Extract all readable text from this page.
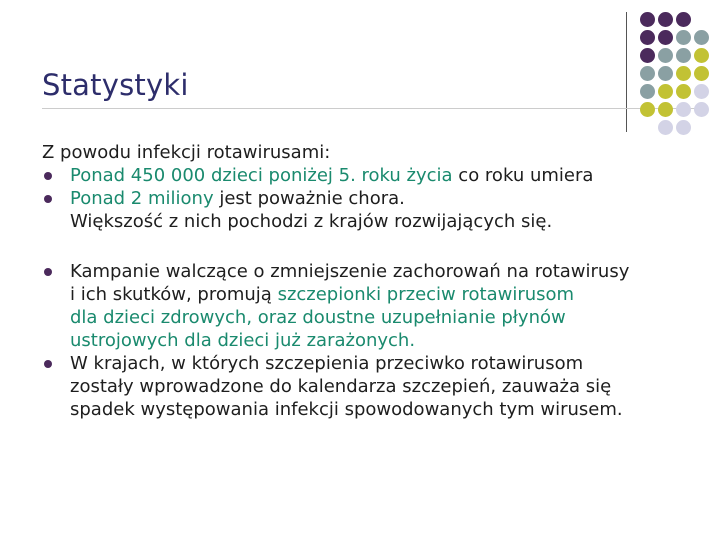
Statystyki
Z powodu infekcji rotawirusami:
Ponad 450 000 dzieci poniżej 5. roku życia co roku umiera
Ponad 2 miliony jest poważnie chora.
Większość z nich pochodzi z krajów rozwijających się.
Kampanie walczące o zmniejszenie zachorowań na rotawirusy
i ich skutków, promują szczepionki przeciw rotawirusom
dla dzieci zdrowych, oraz doustne uzupełnianie płynów
ustrojowych dla dzieci już zarażonych.
W krajach, w których szczepienia przeciwko rotawirusom
zostały wprowadzone do kalendarza szczepień, zauważa się
spadek występowania infekcji spowodowanych tym wirusem.
